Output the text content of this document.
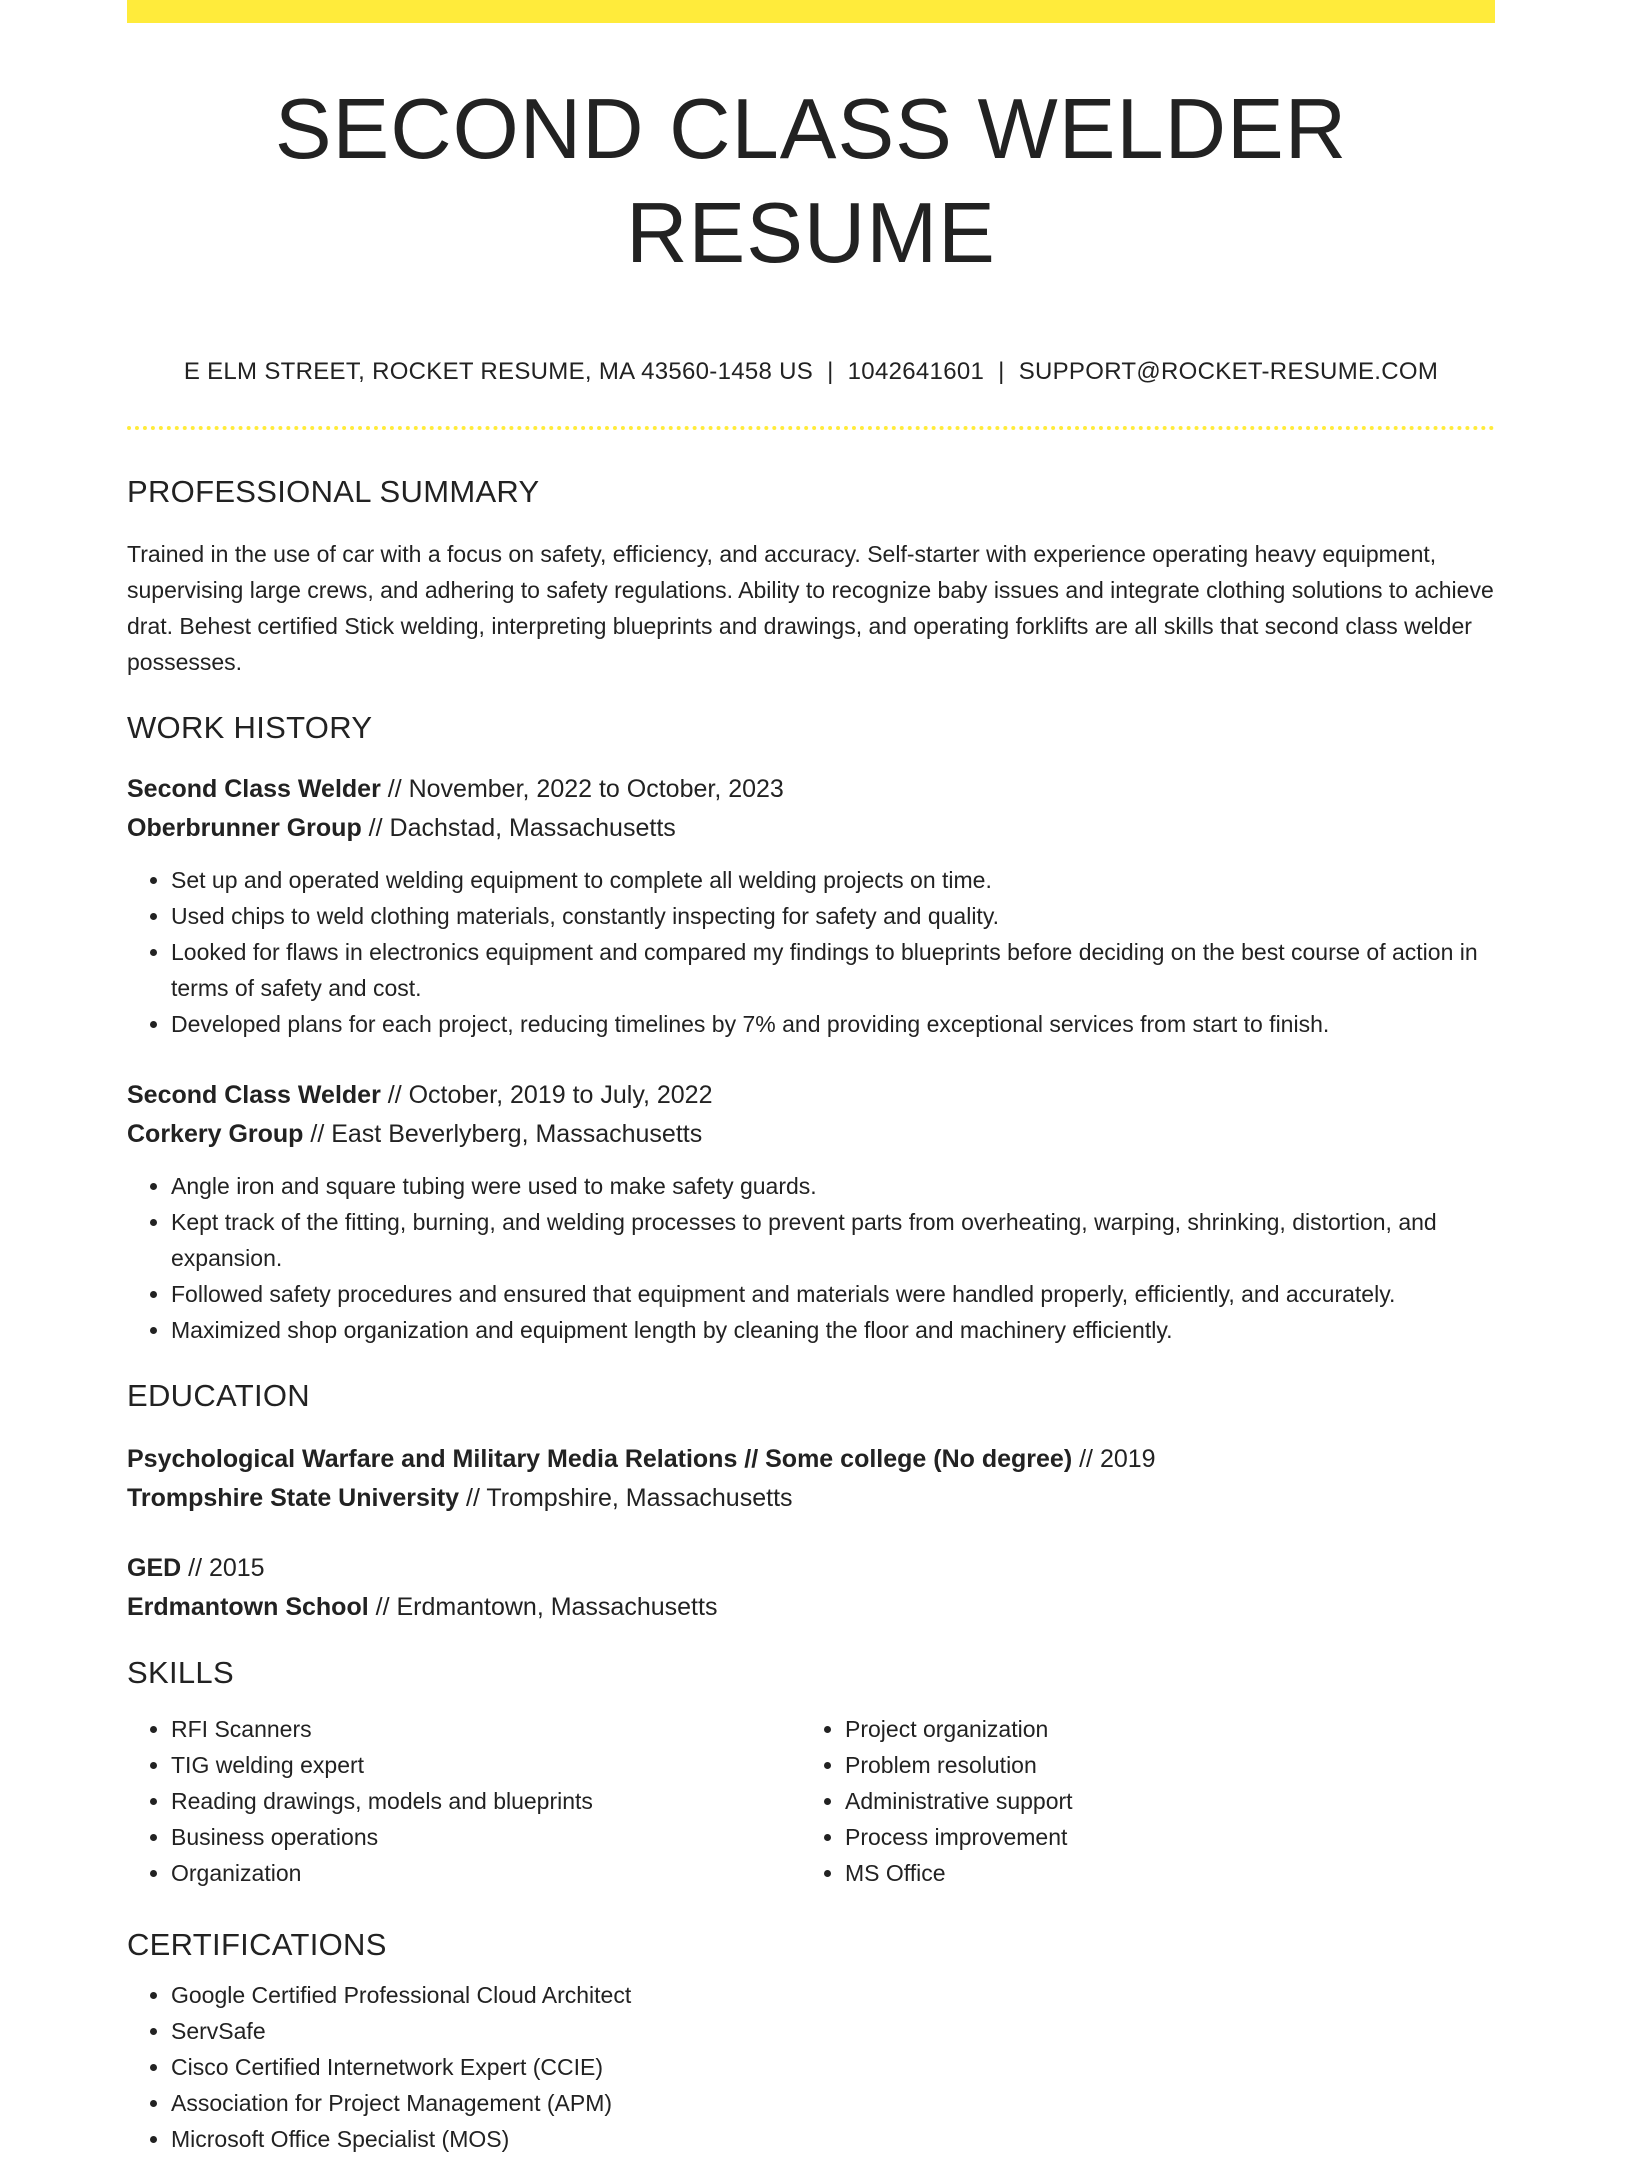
SECOND CLASS WELDER RESUME
E ELM STREET, ROCKET RESUME, MA 43560-1458 US | 1042641601 | SUPPORT@ROCKET-RESUME.COM
PROFESSIONAL SUMMARY

Trained in the use of car with a focus on safety, efficiency, and accuracy. Self-starter with experience operating heavy equipment, supervising large crews, and adhering to safety regulations. Ability to recognize baby issues and integrate clothing solutions to achieve drat. Behest certified Stick welding, interpreting blueprints and drawings, and operating forklifts are all skills that second class welder possesses.

WORK HISTORY
Second Class Welder // November, 2022 to October, 2023
Oberbrunner Group // Dachstad, Massachusetts
• Set up and operated welding equipment to complete all welding projects on time.
• Used chips to weld clothing materials, constantly inspecting for safety and quality.
• Looked for flaws in electronics equipment and compared my findings to blueprints before deciding on the best course of action in terms of safety and cost.
• Developed plans for each project, reducing timelines by 7% and providing exceptional services from start to finish.
Second Class Welder // October, 2019 to July, 2022
Corkery Group // East Beverlyberg, Massachusetts
• Angle iron and square tubing were used to make safety guards.
• Kept track of the fitting, burning, and welding processes to prevent parts from overheating, warping, shrinking, distortion, and expansion.
• Followed safety procedures and ensured that equipment and materials were handled properly, efficiently, and accurately.
• Maximized shop organization and equipment length by cleaning the floor and machinery efficiently.
EDUCATION
Psychological Warfare and Military Media Relations // Some college (No degree) // 2019
Trompshire State University // Trompshire, Massachusetts
GED // 2015
Erdmantown School // Erdmantown, Massachusetts
SKILLS
• RFI Scanners
• TIG welding expert
• Reading drawings, models and blueprints
• Business operations
• Organization
• Project organization
• Problem resolution
• Administrative support
• Process improvement
• MS Office
CERTIFICATIONS
• Google Certified Professional Cloud Architect
• ServSafe
• Cisco Certified Internetwork Expert (CCIE)
• Association for Project Management (APM)
• Microsoft Office Specialist (MOS)
